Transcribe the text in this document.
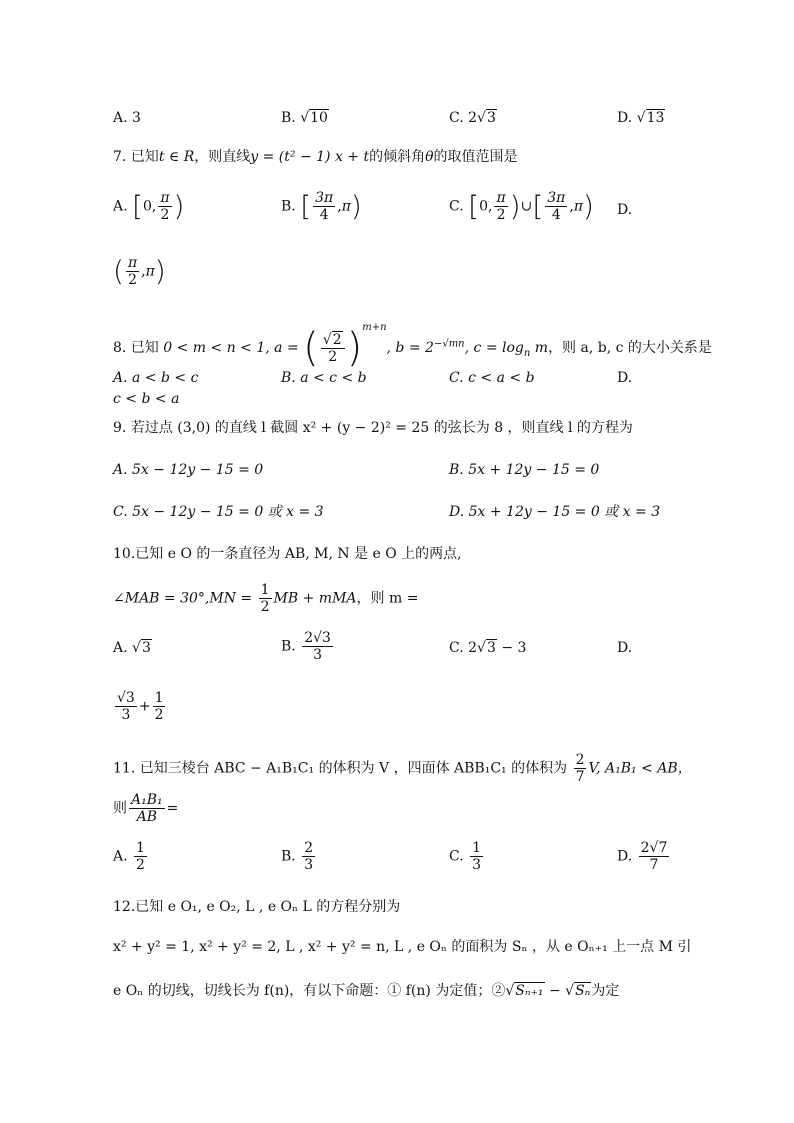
A. 3	B. √10	C. 2√3	D. √13
7. 已知t ∈ R，则直线y = (t² − 1) x + t的倾斜角θ的取值范围是
A. [0, $\frac{\pi}{2}$ )	B. [ $\frac{3\pi}{4} ,\pi$)	C. [0, $\frac{\pi}{2}$ )∪[ $\frac{3\pi}{4} ,\pi$) D.
( $\frac{\pi}{2} ,\pi$)
8. 已知 0 < m < n < 1, a = ( $\frac{√2}{2} )^{m+n}$, $b = 2^{-√mn}$, $c = \log_n m$，则 a, b, c 的大小关系是
A. a < b < c	B. a < c < b	C. c < a < b	D.
c < b < a
9. 若过点 (3,0) 的直线 l 截圆 x² + (y − 2)² = 25 的弦长为 8 ，则直线 l 的方程为
A. 5x − 12y − 15 = 0	B. 5x + 12y − 15 = 0
C. 5x − 12y − 15 = 0 或 x = 3	D. 5x + 12y − 15 = 0 或 x = 3
10.已知 e O 的一条直径为 AB, M, N 是 e O 上的两点,
∠MAB = $30^\circ,MN = \frac{1}{2}$ MB + mMA，则 m =
A. √3	B. $\frac{2√3}{3}$	C. 2√3 − 3	D.
$\frac{√3}{3} + \frac{1}{2}$
11. 已知三棱台 ABC − A₁B₁C₁ 的体积为 V ，四面体 ABB₁C₁ 的体积为 $\frac{2}{7} V$, A₁B₁ < AB，
则 $\frac{\text{A₁B₁}}{AB}$ =
A. $\frac{1}{2}$	B. $\frac{2}{3}$	C. $\frac{1}{3}$	D. $\frac{2√7}{7}$
12.已知 e O₁, e O₂, L , e Oₙ L 的方程分别为
x² + y² = 1, x² + y² = 2, L , x² + y² = n, L , e Oₙ 的面积为 Sₙ ，从 e Oₙ₊₁ 上一点 M 引
e Oₙ 的切线，切线长为 f(n)，有以下命题：① f(n) 为定值；②√Sₙ₊₁ − √Sₙ为定
